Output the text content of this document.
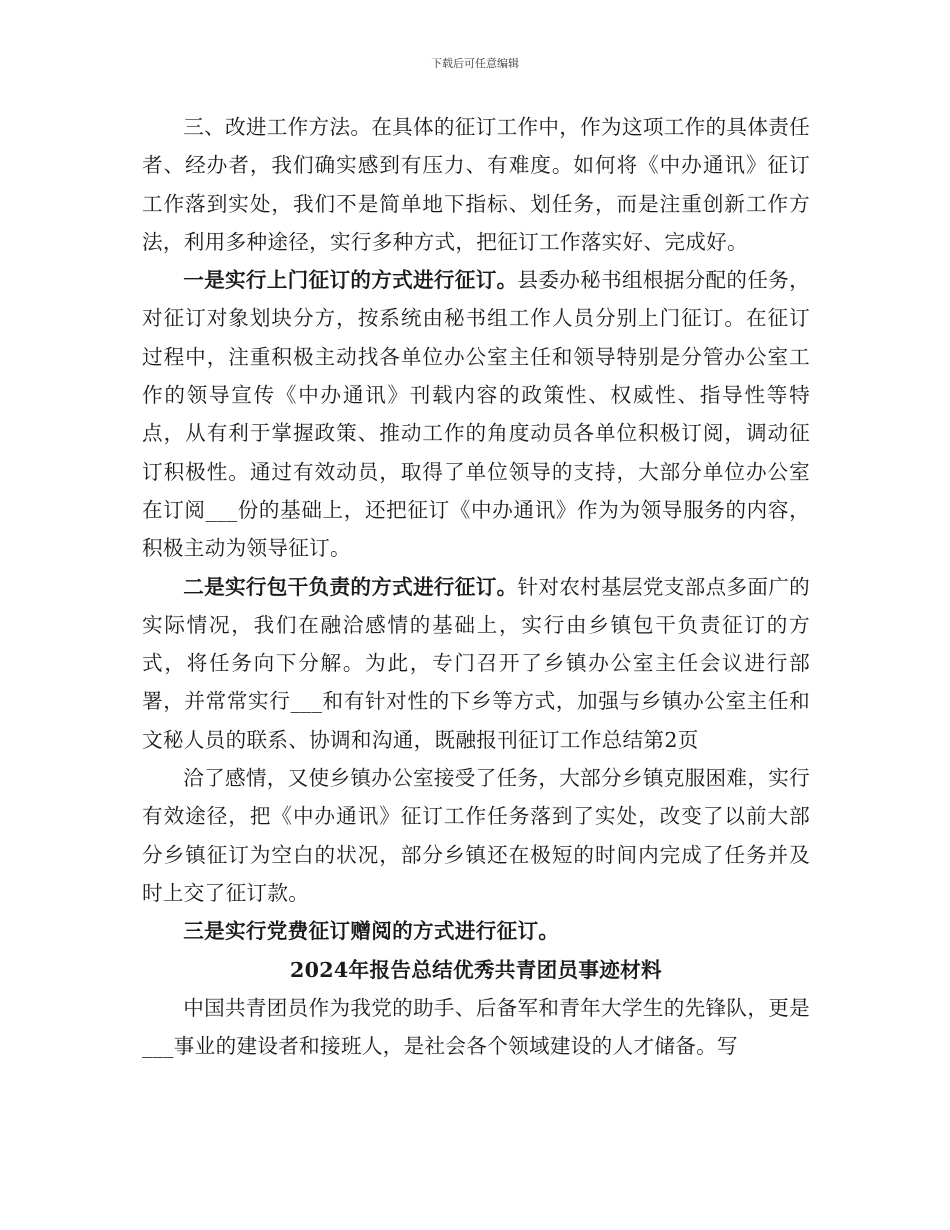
下载后可任意编辑

三、改进工作方法。在具体的征订工作中，作为这项工作的具体责任者、经办者，我们确实感到有压力、有难度。如何将《中办通讯》征订工作落到实处，我们不是简单地下指标、划任务，而是注重创新工作方法，利用多种途径，实行多种方式，把征订工作落实好、完成好。

一是实行上门征订的方式进行征订。县委办秘书组根据分配的任务，对征订对象划块分方，按系统由秘书组工作人员分别上门征订。在征订过程中，注重积极主动找各单位办公室主任和领导特别是分管办公室工作的领导宣传《中办通讯》刊载内容的政策性、权威性、指导性等特点，从有利于掌握政策、推动工作的角度动员各单位积极订阅，调动征订积极性。通过有效动员，取得了单位领导的支持，大部分单位办公室在订阅___份的基础上，还把征订《中办通讯》作为为领导服务的内容，积极主动为领导征订。

二是实行包干负责的方式进行征订。针对农村基层党支部点多面广的实际情况，我们在融洽感情的基础上，实行由乡镇包干负责征订的方式，将任务向下分解。为此，专门召开了乡镇办公室主任会议进行部署，并常常实行___和有针对性的下乡等方式，加强与乡镇办公室主任和文秘人员的联系、协调和沟通，既融报刊征订工作总结第2页

洽了感情，又使乡镇办公室接受了任务，大部分乡镇克服困难，实行有效途径，把《中办通讯》征订工作任务落到了实处，改变了以前大部分乡镇征订为空白的状况，部分乡镇还在极短的时间内完成了任务并及时上交了征订款。

三是实行党费征订赠阅的方式进行征订。

2024年报告总结优秀共青团员事迹材料

中国共青团员作为我党的助手、后备军和青年大学生的先锋队，更是___事业的建设者和接班人，是社会各个领域建设的人才储备。写
